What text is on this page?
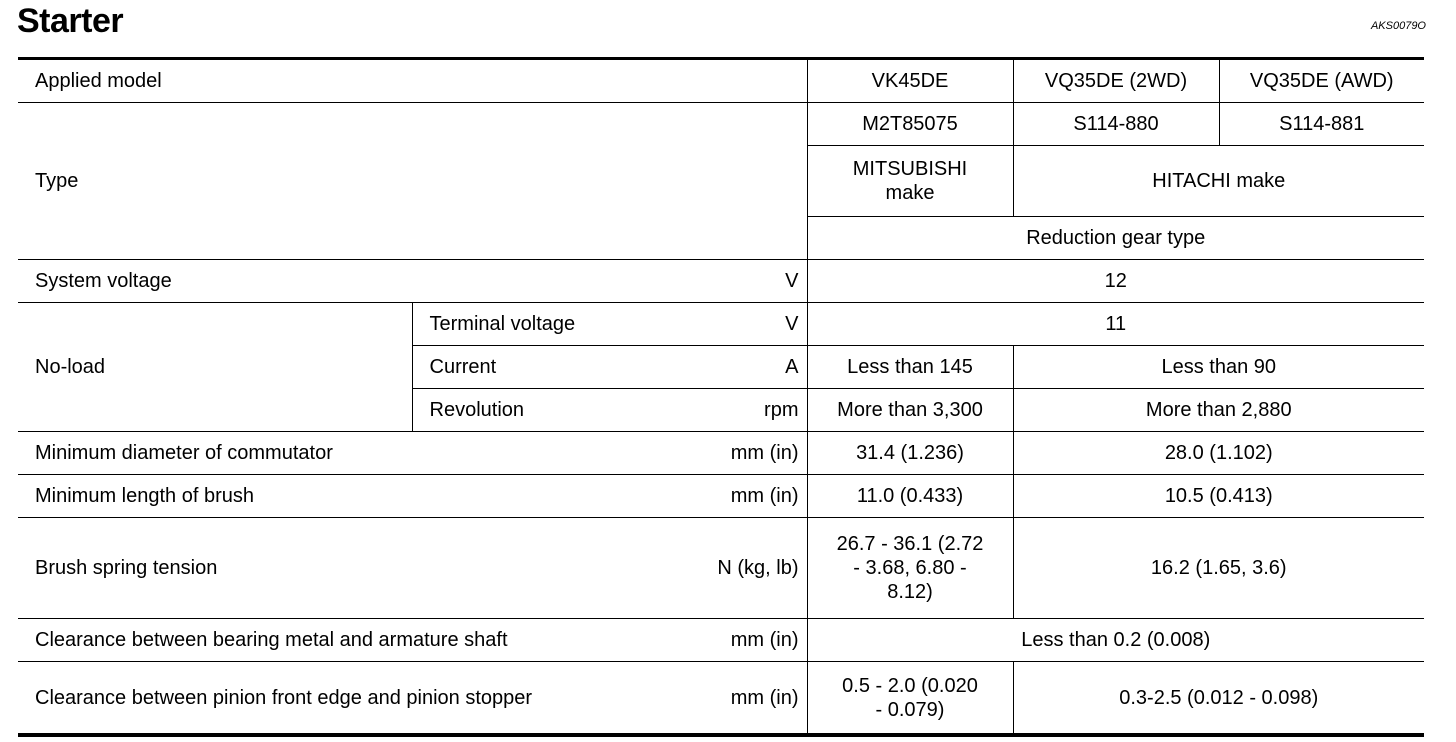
Starter	AKS0079O
Applied model			VK45DE	VQ35DE (2WD)	VQ35DE (AWD)
Type			M2T85075	S114-880	S114-881
			MITSUBISHI make	HITACHI make	
			Reduction gear type		
System voltage		V	12		
No-load	Terminal voltage	V	11		
	Current	A	Less than 145	Less than 90	
	Revolution	rpm	More than 3,300	More than 2,880	
Minimum diameter of commutator		mm (in)	31.4 (1.236)	28.0 (1.102)	
Minimum length of brush		mm (in)	11.0 (0.433)	10.5 (0.413)	
Brush spring tension		N (kg, lb)	26.7 - 36.1 (2.72 - 3.68, 6.80 - 8.12)	16.2 (1.65, 3.6)	
Clearance between bearing metal and armature shaft		mm (in)	Less than 0.2 (0.008)		
Clearance between pinion front edge and pinion stopper		mm (in)	0.5 - 2.0 (0.020 - 0.079)	0.3-2.5 (0.012 - 0.098)	
